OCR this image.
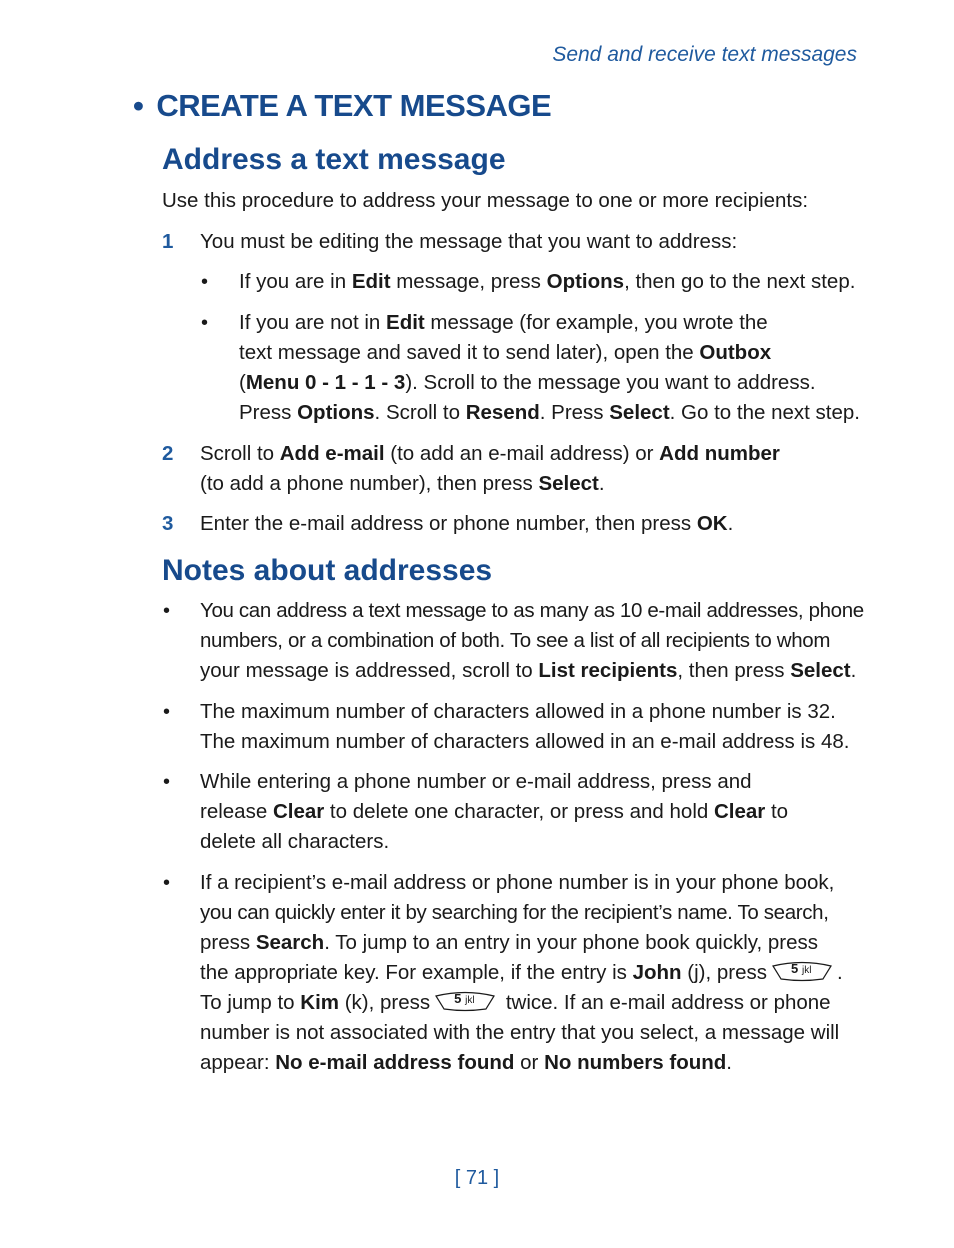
Send and receive text messages
• CREATE A TEXT MESSAGE
Address a text message
Use this procedure to address your message to one or more recipients:
1 You must be editing the message that you want to address:
• If you are in Edit message, press Options, then go to the next step.
• If you are not in Edit message (for example, you wrote the
text message and saved it to send later), open the Outbox
(Menu 0 - 1 - 1 - 3). Scroll to the message you want to address.
Press Options. Scroll to Resend. Press Select. Go to the next step.
2 Scroll to Add e-mail (to add an e-mail address) or Add number
(to add a phone number), then press Select.
3 Enter the e-mail address or phone number, then press OK.
Notes about addresses
• You can address a text message to as many as 10 e-mail addresses, phone
numbers, or a combination of both. To see a list of all recipients to whom
your message is addressed, scroll to List recipients, then press Select.
• The maximum number of characters allowed in a phone number is 32.
The maximum number of characters allowed in an e-mail address is 48.
• While entering a phone number or e-mail address, press and
release Clear to delete one character, or press and hold Clear to
delete all characters.
• If a recipient’s e-mail address or phone number is in your phone book,
you can quickly enter it by searching for the recipient’s name. To search,
press Search. To jump to an entry in your phone book quickly, press
the appropriate key. For example, if the entry is John (j), press 5 jkl .
To jump to Kim (k), press 5 jkl twice. If an e-mail address or phone
number is not associated with the entry that you select, a message will
appear: No e-mail address found or No numbers found.
[ 71 ]
